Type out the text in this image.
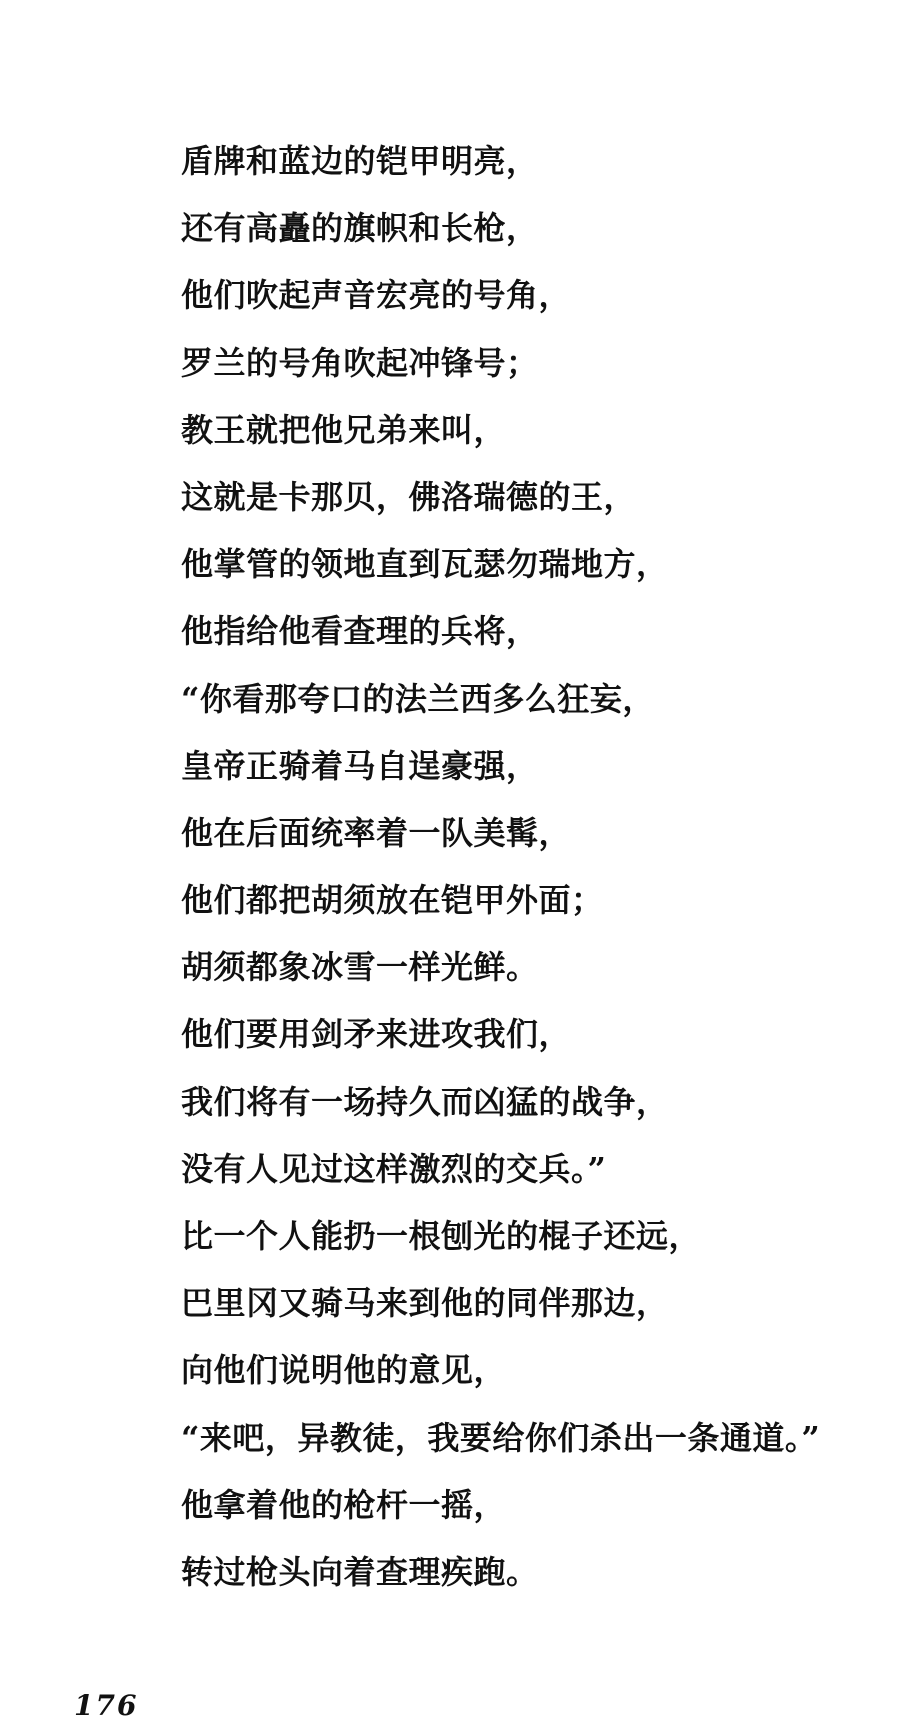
盾牌和蓝边的铠甲明亮，
还有高矗的旗帜和长枪，
他们吹起声音宏亮的号角，
罗兰的号角吹起冲锋号；
教王就把他兄弟来叫，
这就是卡那贝，佛洛瑞德的王，
他掌管的领地直到瓦瑟勿瑞地方，
他指给他看查理的兵将，
“你看那夸口的法兰西多么狂妄，
皇帝正骑着马自逞豪强，
他在后面统率着一队美髯，
他们都把胡须放在铠甲外面；
胡须都象冰雪一样光鲜。
他们要用剑矛来进攻我们，
我们将有一场持久而凶猛的战争，
没有人见过这样激烈的交兵。”
比一个人能扔一根刨光的棍子还远，
巴里冈又骑马来到他的同伴那边，
向他们说明他的意见，
“来吧，异教徒，我要给你们杀出一条通道。”
他拿着他的枪杆一摇，
转过枪头向着查理疾跑。
176
